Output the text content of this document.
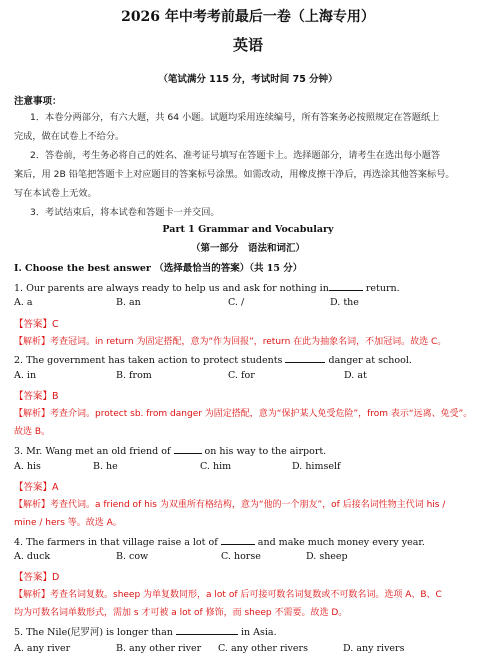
2026 年中考考前最后一卷（上海专用）
英语
（笔试满分 115 分，考试时间 75 分钟）
注意事项：
1．本卷分两部分，有六大题，共 64 小题。试题均采用连续编号，所有答案务必按照规定在答题纸上
完成，做在试卷上不给分。
2．答卷前，考生务必将自己的姓名、准考证号填写在答题卡上。选择题部分，请考生在选出每小题答
案后，用 2B 铅笔把答题卡上对应题目的答案标号涂黑。如需改动，用橡皮擦干净后，再选涂其他答案标号。
写在本试卷上无效。
3．考试结束后，将本试卷和答题卡一并交回。
Part 1 Grammar and Vocabulary
（第一部分　语法和词汇）
I. Choose the best answer （选择最恰当的答案）（共 15 分）
1. Our parents are always ready to help us and ask for nothing in	return.
A. a	B. an	C. /	D. the
【答案】C
【解析】考查冠词。in return 为固定搭配，意为“作为回报”，return 在此为抽象名词，不加冠词。故选 C。
2. The government has taken action to protect students	danger at school.
A. in	B. from	C. for	D. at
【答案】B
【解析】考查介词。protect sb. from danger 为固定搭配，意为“保护某人免受危险”，from 表示“远离、免受”。
故选 B。
3. Mr. Wang met an old friend of	on his way to the airport.
A. his	B. he	C. him	D. himself
【答案】A
【解析】考查代词。a friend of his 为双重所有格结构，意为“他的一个朋友”，of 后接名词性物主代词 his /
mine / hers 等。故选 A。
4. The farmers in that village raise a lot of	and make much money every year.
A. duck	B. cow	C. horse	D. sheep
【答案】D
【解析】考查名词复数。sheep 为单复数同形，a lot of 后可接可数名词复数或不可数名词。选项 A、B、C
均为可数名词单数形式，需加 s 才可被 a lot of 修饰，而 sheep 不需要。故选 D。
5. The Nile(尼罗河) is longer than	in Asia.
A. any river	B. any other river C. any other rivers	D. any rivers
